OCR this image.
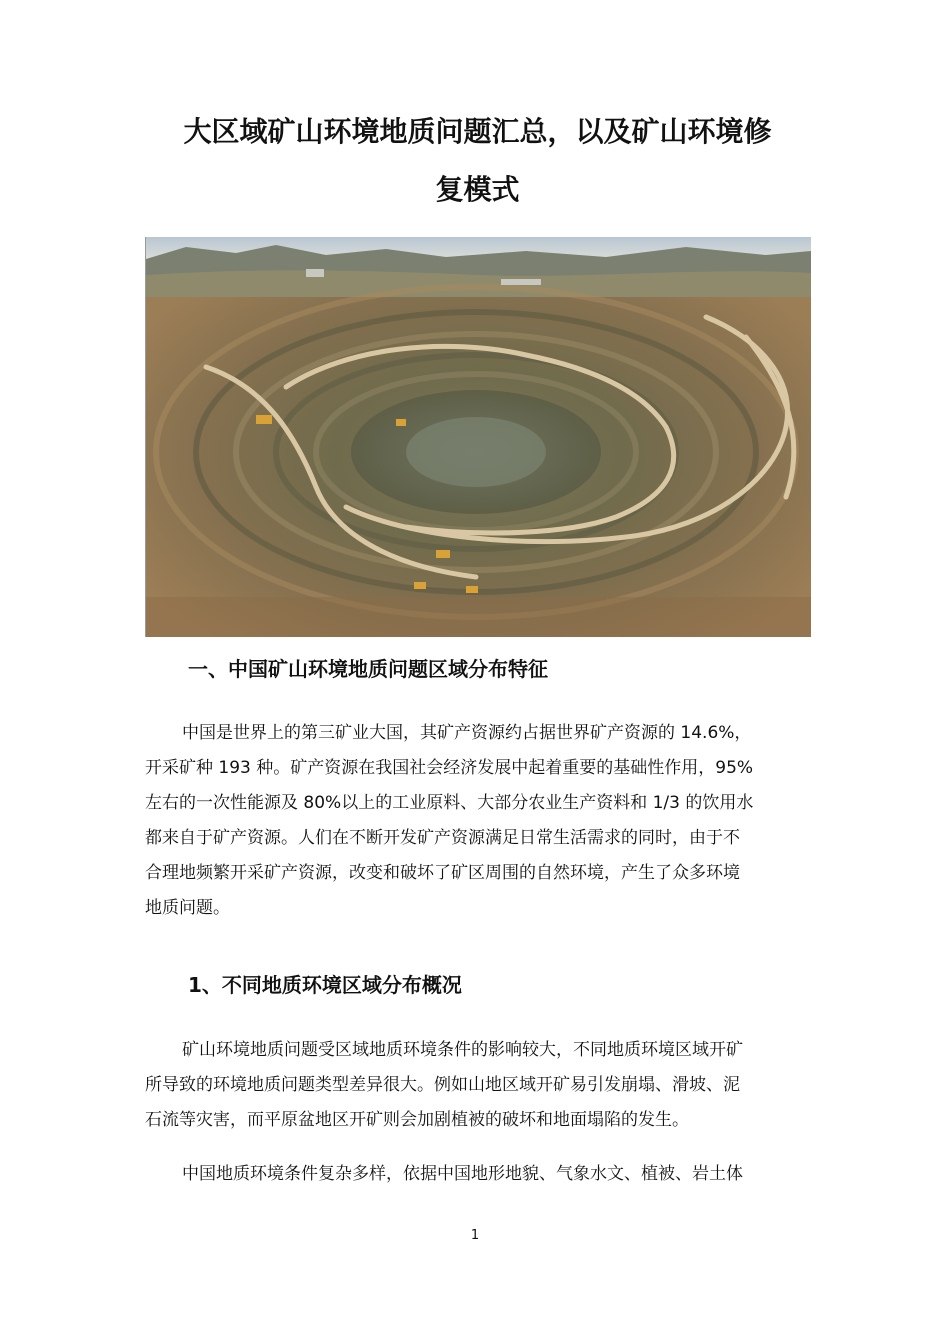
大区域矿山环境地质问题汇总，以及矿山环境修
复模式
一、中国矿山环境地质问题区域分布特征

中国是世界上的第三矿业大国，其矿产资源约占据世界矿产资源的 14.6%，
开采矿种 193 种。矿产资源在我国社会经济发展中起着重要的基础性作用，95%
左右的一次性能源及 80%以上的工业原料、大部分农业生产资料和 1/3 的饮用水
都来自于矿产资源。人们在不断开发矿产资源满足日常生活需求的同时，由于不
合理地频繁开采矿产资源，改变和破坏了矿区周围的自然环境，产生了众多环境
地质问题。

1、不同地质环境区域分布概况

矿山环境地质问题受区域地质环境条件的影响较大，不同地质环境区域开矿
所导致的环境地质问题类型差异很大。例如山地区域开矿易引发崩塌、滑坡、泥
石流等灾害，而平原盆地区开矿则会加剧植被的破坏和地面塌陷的发生。

中国地质环境条件复杂多样，依据中国地形地貌、气象水文、植被、岩土体

1
